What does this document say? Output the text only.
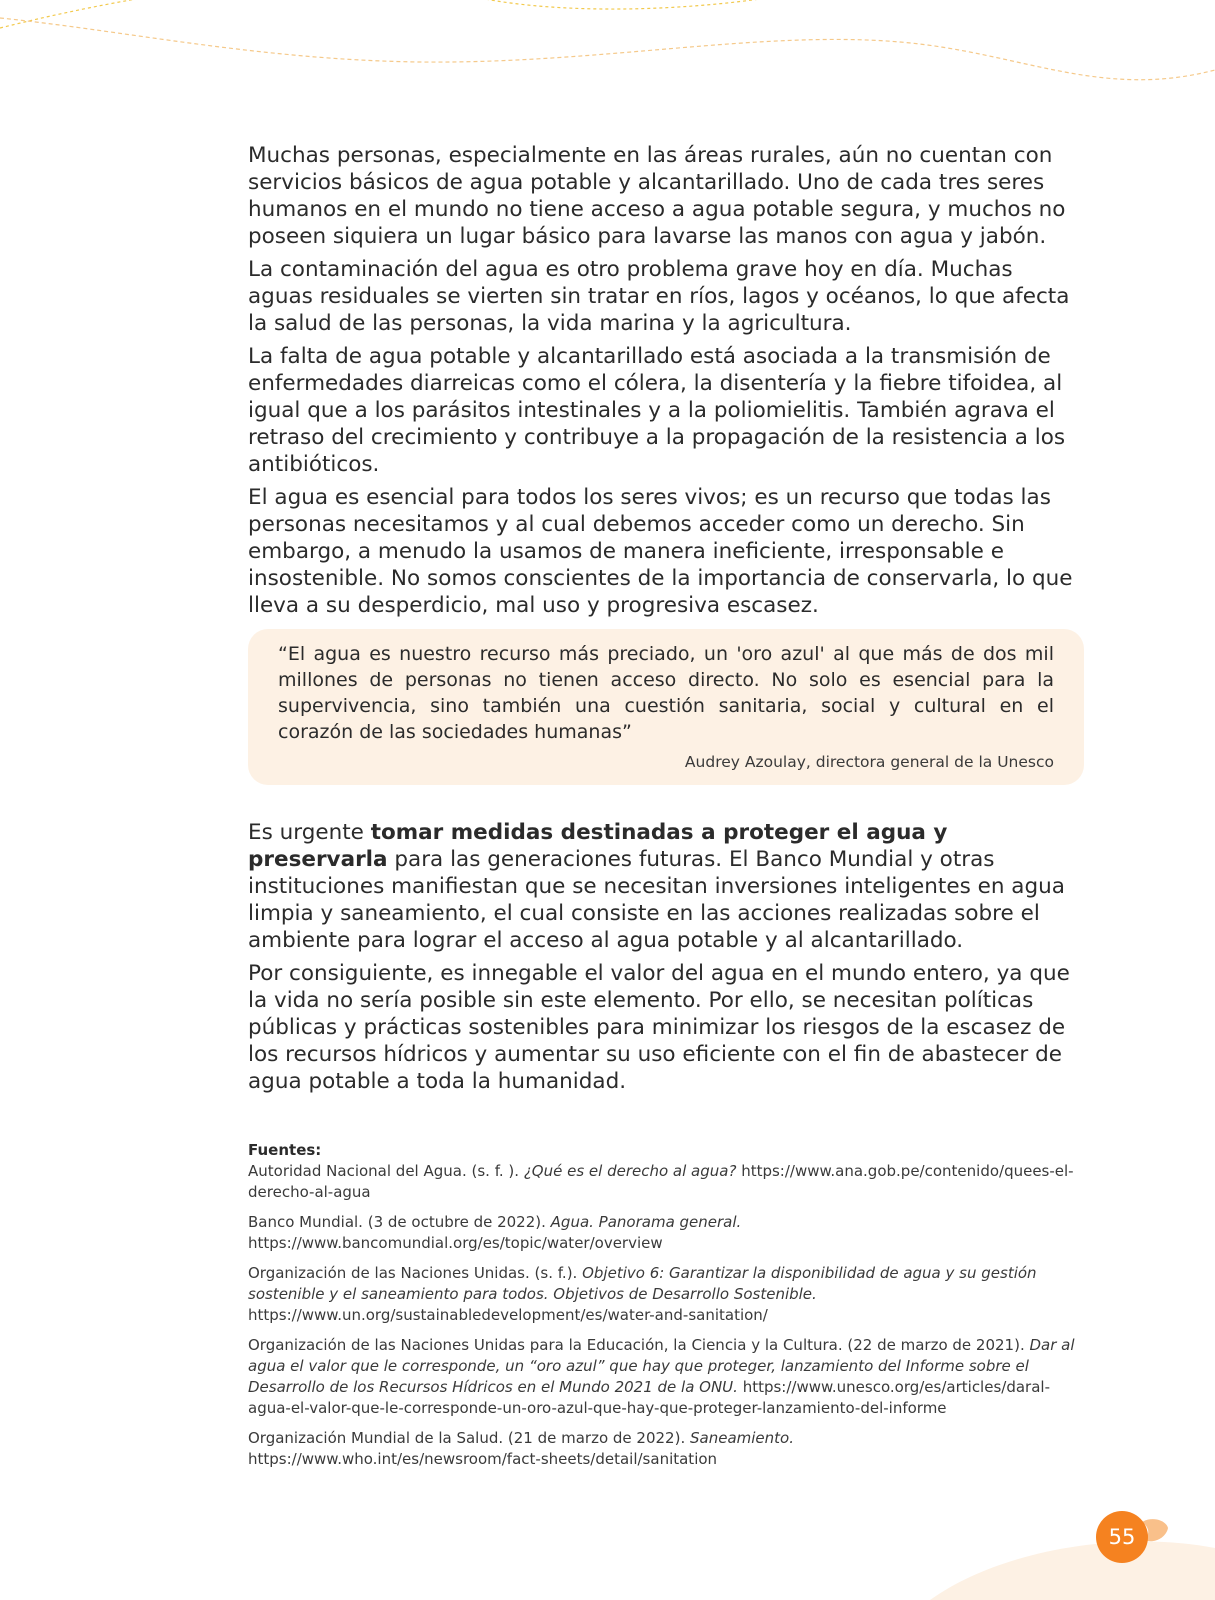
Muchas personas, especialmente en las áreas rurales, aún no cuentan con servicios básicos de agua potable y alcantarillado. Uno de cada tres seres humanos en el mundo no tiene acceso a agua potable segura, y muchos no poseen siquiera un lugar básico para lavarse las manos con agua y jabón.

La contaminación del agua es otro problema grave hoy en día. Muchas aguas residuales se vierten sin tratar en ríos, lagos y océanos, lo que afecta la salud de las personas, la vida marina y la agricultura.

La falta de agua potable y alcantarillado está asociada a la transmisión de enfermedades diarreicas como el cólera, la disentería y la fiebre tifoidea, al igual que a los parásitos intestinales y a la poliomielitis. También agrava el retraso del crecimiento y contribuye a la propagación de la resistencia a los antibióticos.

El agua es esencial para todos los seres vivos; es un recurso que todas las personas necesitamos y al cual debemos acceder como un derecho. Sin embargo, a menudo la usamos de manera ineficiente, irresponsable e insostenible. No somos conscientes de la importancia de conservarla, lo que lleva a su desperdicio, mal uso y progresiva escasez.

“El agua es nuestro recurso más preciado, un 'oro azul' al que más de dos mil millones de personas no tienen acceso directo. No solo es esencial para la supervivencia, sino también una cuestión sanitaria, social y cultural en el corazón de las sociedades humanas”

Audrey Azoulay, directora general de la Unesco

Es urgente tomar medidas destinadas a proteger el agua y preservarla para las generaciones futuras. El Banco Mundial y otras instituciones manifiestan que se necesitan inversiones inteligentes en agua limpia y saneamiento, el cual consiste en las acciones realizadas sobre el ambiente para lograr el acceso al agua potable y al alcantarillado.

Por consiguiente, es innegable el valor del agua en el mundo entero, ya que la vida no sería posible sin este elemento. Por ello, se necesitan políticas públicas y prácticas sostenibles para minimizar los riesgos de la escasez de los recursos hídricos y aumentar su uso eficiente con el fin de abastecer de agua potable a toda la humanidad.

Fuentes:

Autoridad Nacional del Agua. (s. f. ). ¿Qué es el derecho al agua? https://www.ana.gob.pe/contenido/quees-el-derecho-al-agua

Banco Mundial. (3 de octubre de 2022). Agua. Panorama general. https://www.bancomundial.org/es/topic/water/overview

Organización de las Naciones Unidas. (s. f.). Objetivo 6: Garantizar la disponibilidad de agua y su gestión sostenible y el saneamiento para todos. Objetivos de Desarrollo Sostenible. https://www.un.org/sustainabledevelopment/es/water-and-sanitation/

Organización de las Naciones Unidas para la Educación, la Ciencia y la Cultura. (22 de marzo de 2021). Dar al agua el valor que le corresponde, un “oro azul” que hay que proteger, lanzamiento del Informe sobre el Desarrollo de los Recursos Hídricos en el Mundo 2021 de la ONU. https://www.unesco.org/es/articles/daral-agua-el-valor-que-le-corresponde-un-oro-azul-que-hay-que-proteger-lanzamiento-del-informe

Organización Mundial de la Salud. (21 de marzo de 2022). Saneamiento. https://www.who.int/es/newsroom/fact-sheets/detail/sanitation

55
